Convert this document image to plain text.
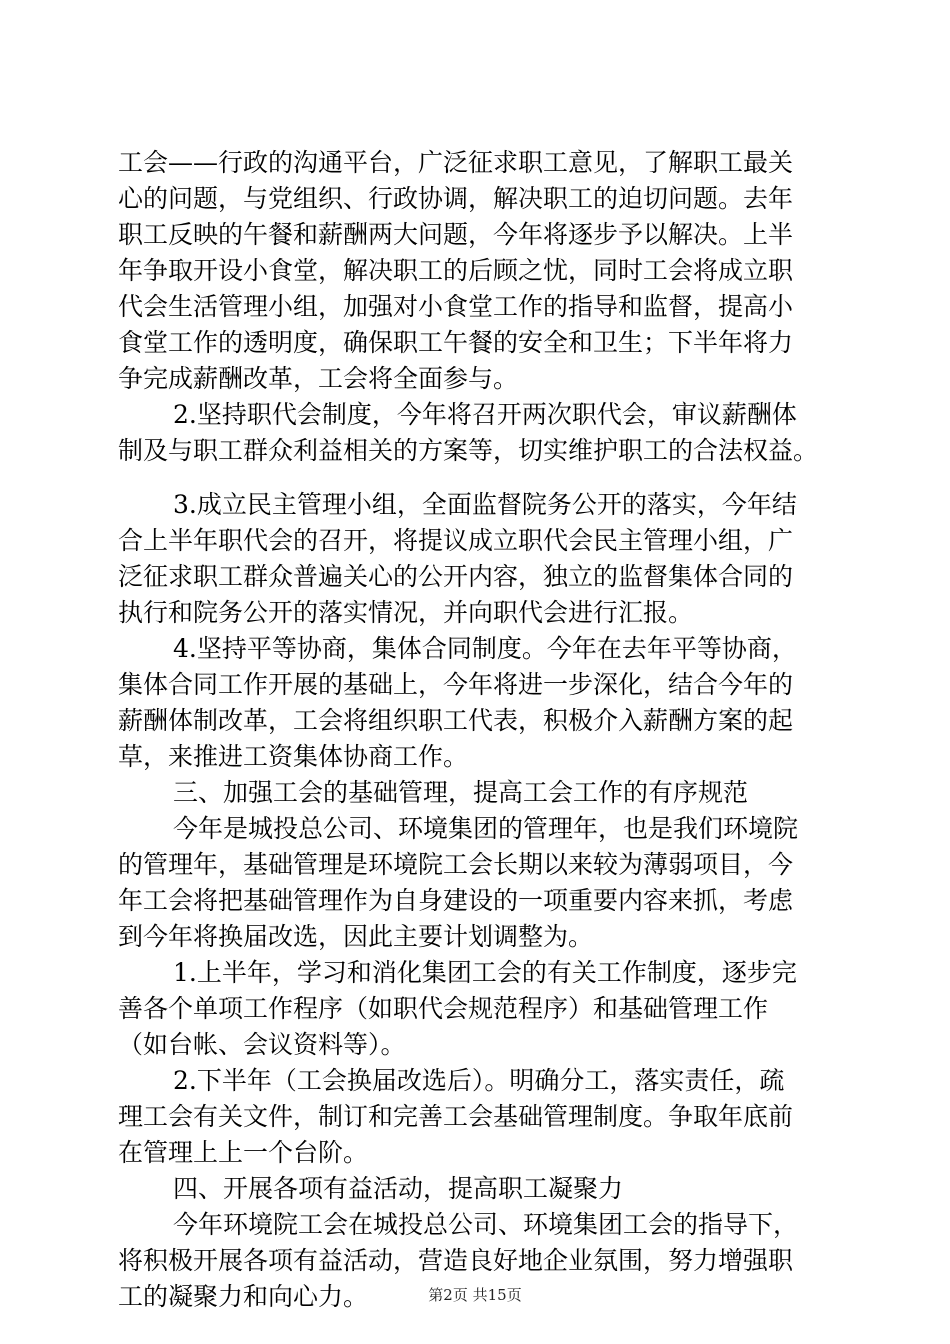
工会——行政的沟通平台，广泛征求职工意见，了解职工最关
心的问题，与党组织、行政协调，解决职工的迫切问题。去年
职工反映的午餐和薪酬两大问题，今年将逐步予以解决。上半
年争取开设小食堂，解决职工的后顾之忧，同时工会将成立职
代会生活管理小组，加强对小食堂工作的指导和监督，提高小
食堂工作的透明度，确保职工午餐的安全和卫生；下半年将力
争完成薪酬改革，工会将全面参与。
2.坚持职代会制度，今年将召开两次职代会，审议薪酬体
制及与职工群众利益相关的方案等，切实维护职工的合法权益。
3.成立民主管理小组，全面监督院务公开的落实，今年结
合上半年职代会的召开，将提议成立职代会民主管理小组，广
泛征求职工群众普遍关心的公开内容，独立的监督集体合同的
执行和院务公开的落实情况，并向职代会进行汇报。
4.坚持平等协商，集体合同制度。今年在去年平等协商，
集体合同工作开展的基础上，今年将进一步深化，结合今年的
薪酬体制改革，工会将组织职工代表，积极介入薪酬方案的起
草，来推进工资集体协商工作。
三、加强工会的基础管理，提高工会工作的有序规范
今年是城投总公司、环境集团的管理年，也是我们环境院
的管理年，基础管理是环境院工会长期以来较为薄弱项目，今
年工会将把基础管理作为自身建设的一项重要内容来抓，考虑
到今年将换届改选，因此主要计划调整为。
1.上半年，学习和消化集团工会的有关工作制度，逐步完
善各个单项工作程序（如职代会规范程序）和基础管理工作
（如台帐、会议资料等）。
2.下半年（工会换届改选后）。明确分工，落实责任，疏
理工会有关文件，制订和完善工会基础管理制度。争取年底前
在管理上上一个台阶。
四、开展各项有益活动，提高职工凝聚力
今年环境院工会在城投总公司、环境集团工会的指导下，
将积极开展各项有益活动，营造良好地企业氛围，努力增强职
工的凝聚力和向心力。	第2页 共15页
